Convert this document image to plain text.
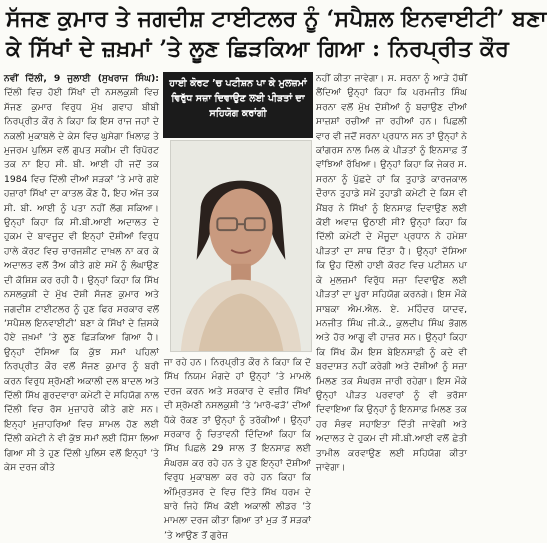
ਸੱਜਣ ਕੁਮਾਰ ਤੇ ਜਗਦੀਸ਼ ਟਾਈਟਲਰ ਨੂੰ ‘ਸਪੈਸ਼ਲ ਇਨਵਾਈਟੀ’ ਬਣਾ
ਕੇ ਸਿੱਖਾਂ ਦੇ ਜ਼ਖ਼ਮਾਂ ’ਤੇ ਲੂਣ ਛਿੜਕਿਆ ਗਿਆ : ਨਿਰਪ੍ਰੀਤ ਕੌਰ

ਨਵੀਂ ਦਿੱਲੀ, 9 ਜੁਲਾਈ (ਸੁਖਰਾਜ ਸਿੰਘ): ਦਿੱਲੀ ਵਿਚ ਹੋਈ ਸਿੱਖਾਂ ਦੀ ਨਸਲਕੁਸ਼ੀ ਵਿਚ ਸੱਜਣ ਕੁਮਾਰ ਵਿਰੁਧ ਮੁੱਖ ਗਵਾਹ ਬੀਬੀ ਨਿਰਪ੍ਰੀਤ ਕੌਰ ਨੇ ਕਿਹਾ ਕਿ ਇਸ ਰਾਜ ਜਹਾਂ ਦੇ ਨਕਲੀ ਮੁਕਾਬਲੇ ਦੇ ਕੇਸ ਵਿਚ ਘੁਸੇਗਾ ਖ਼ਿਲਾਫ਼ ਤੇ ਮੁਜਰਮ ਪੁਲਿਸ ਵਲੋਂ ਗੁਪਤ ਸਕੀਮ ਦੀ ਰਿਪੋਰਟ ਤਕ ਨਾ ਇਹ ਸੀ. ਬੀ. ਆਈ ਹੀ ਜਦੋਂ ਤਕ 1984 ਵਿਚ ਦਿੱਲੀ ਦੀਆਂ ਸੜਕਾਂ ’ਤੇ ਮਾਰੇ ਗਏ ਹਜ਼ਾਰਾਂ ਸਿੱਖਾਂ ਦਾ ਕਾਤਲ ਕੌਣ ਹੈ, ਇਹ ਅੱਜ ਤਕ ਸੀ. ਬੀ. ਆਈ ਨੂੰ ਪਤਾ ਨਹੀਂ ਲੱਗ ਸਕਿਆ। ਉਨ੍ਹਾਂ ਕਿਹਾ ਕਿ ਸੀ.ਬੀ.ਆਈ ਅਦਾਲਤ ਦੇ ਹੁਕਮ ਦੇ ਬਾਵਜੂਦ ਵੀ ਇਨ੍ਹਾਂ ਦੋਸ਼ੀਆਂ ਵਿਰੁਧ ਹਾਲੇ ਕੋਰਟ ਵਿਚ ਚਾਰਜਸ਼ੀਟ ਦਾਖ਼ਲ ਨਾ ਕਰ ਕੇ ਅਦਾਲਤ ਵਲੋਂ ਤੈਅ ਕੀਤੇ ਗਏ ਸਮੇਂ ਨੂੰ ਲੰਘਾਉਣ ਦੀ ਕੋਸ਼ਿਸ਼ ਕਰ ਰਹੀ ਹੈ। ਉਨ੍ਹਾਂ ਕਿਹਾ ਕਿ ਸਿੱਖ ਨਸਲਕੁਸ਼ੀ ਦੇ ਮੁੱਖ ਦੋਸ਼ੀ ਸੱਜਣ ਕੁਮਾਰ ਅਤੇ ਜਗਦੀਸ਼ ਟਾਈਟਲਰ ਨੂੰ ਹੁਣ ਫਿਰ ਸਰਕਾਰ ਵਲੋਂ ‘ਸਪੈਸ਼ਲ ਇਨਵਾਈਟੀ’ ਬਣਾ ਕੇ ਸਿੱਖਾਂ ਦੇ ਜ਼ਿਸਕੇ ਹੋਏ ਜ਼ਖ਼ਮਾਂ ’ਤੇ ਲੂਣ ਛਿੜਕਿਆ ਗਿਆ ਹੈ। ਉਨ੍ਹਾਂ ਦੱਸਿਆ ਕਿ ਕੁੱਝ ਸਮਾਂ ਪਹਿਲਾਂ ਨਿਰਪ੍ਰੀਤ ਕੌਰ ਵਲੋਂ ਸੱਜਣ ਕੁਮਾਰ ਨੂੰ ਬਰੀ ਕਰਨ ਵਿਰੁਧ ਸ਼੍ਰੋਮਣੀ ਅਕਾਲੀ ਦਲ ਬਾਦਲ ਅਤੇ ਦਿੱਲੀ ਸਿੱਖ ਗੁਰਦਵਾਰਾ ਕਮੇਟੀ ਦੇ ਸਹਿਯੋਗ ਨਾਲ ਦਿੱਲੀ ਵਿਚ ਰੋਸ ਮੁਜ਼ਾਹਰੇ ਕੀਤੇ ਗਏ ਸਨ। ਇਨ੍ਹਾਂ ਮੁਜ਼ਾਹਰਿਆਂ ਵਿਚ ਸ਼ਾਮਲ ਹੋਣ ਲਈ ਦਿੱਲੀ ਕਮੇਟੀ ਨੇ ਵੀ ਕੁੱਝ ਸਮਾਂ ਲਈ ਹਿੱਸਾ ਲਿਆ ਗਿਆ ਸੀ ਤੇ ਹੁਣ ਦਿੱਲੀ ਪੁਲਿਸ ਵਲੋਂ ਇਨ੍ਹਾਂ ’ਤੇ ਕੇਸ ਦਰਜ ਕੀਤੇ

ਹਾਈ ਕੋਰਟ ’ਚ ਪਟੀਸ਼ਨ ਪਾ ਕੇ ਮੁਲਜ਼ਮਾਂ ਵਿਰੁੱਧ ਸਜ਼ਾ ਦਿਵਾਉਣ ਲਈ ਪੀੜਤਾਂ ਦਾ ਸਹਿਯੋਗ ਕਰਾਂਗੀ

ਜਾ ਰਹੇ ਹਨ। ਨਿਰਪ੍ਰੀਤ ਕੌਰ ਨੇ ਕਿਹਾ ਕਿ ਦੋ ਸਿੱਖ ਨਿਯਮ ਮੰਗਦੇ ਹਾਂ ਉਨ੍ਹਾਂ ’ਤੇ ਮਾਮਲੇ ਦਰਜ ਕਰਨ ਅਤੇ ਸਰਕਾਰ ਦੇ ਵਜ਼ੀਰ ਸਿੱਖਾਂ ਦੀ ਸ਼੍ਰੋਮਣੀ ਨਸਲਕੁਸ਼ੀ ’ਤੇ ‘ਮਾਰੋ-ਫੜੋ’ ਦੀਆਂ ਧੱਕੇ ਰੋਕਣ ਤਾਂ ਉਨ੍ਹਾਂ ਨੂੰ ਤਰੱਕੀਆਂ। ਉਨ੍ਹਾਂ ਸਰਕਾਰ ਨੂੰ ਚਿਤਾਵਨੀ ਦਿੰਦਿਆਂ ਕਿਹਾ ਕਿ ਸਿੱਖ ਪਿਛਲੇ 29 ਸਾਲ ਤੋਂ ਇਨਸਾਫ਼ ਲਈ ਸੰਘਰਸ਼ ਕਰ ਰਹੇ ਹਨ ਤੇ ਹੁਣ ਇਨ੍ਹਾਂ ਦੋਸ਼ੀਆਂ ਵਿਰੁਧ ਮੁਕਾਬਲਾ ਕਰ ਰਹੇ ਹਨ ਕਿਹਾ ਕਿ ਅੰਮ੍ਰਿਤਸਰ ਦੇ ਵਿਚ ਦਿੱਤੇ ਸਿੱਖ ਧਰਮ ਦੇ ਬਾਰੇ ਜਿਹੇ ਸਿੱਖ ਕੋਈ ਅਕਾਲੀ ਲੀਡਰ ’ਤੇ ਮਾਮਲਾ ਦਰਜ ਕੀਤਾ ਗਿਆ ਤਾਂ ਮੁੜ ਤੋਂ ਸੜਕਾਂ ’ਤੇ ਆਉਣ ਤੋਂ ਗੁਰੇਜ਼

ਨਹੀਂ ਕੀਤਾ ਜਾਵੇਗਾ। ਸ. ਸਰਨਾ ਨੂੰ ਆੜੇ ਹੱਥੀਂ ਲੈਂਦਿਆਂ ਉਨ੍ਹਾਂ ਕਿਹਾ ਕਿ ਪਰਮਜੀਤ ਸਿੰਘ ਸਰਨਾ ਵਲੋਂ ਮੁੱਖ ਦੋਸ਼ੀਆਂ ਨੂੰ ਬਚਾਉਣ ਦੀਆਂ ਸਾਜ਼ਸ਼ਾਂ ਰਚੀਆਂ ਜਾ ਰਹੀਆਂ ਹਨ। ਪਿਛਲੀ ਵਾਰ ਵੀ ਜਦੋਂ ਸਰਨਾ ਪ੍ਰਧਾਨ ਸਨ ਤਾਂ ਉਨ੍ਹਾਂ ਨੇ ਕਾਂਗਰਸ ਨਾਲ ਮਿਲ ਕੇ ਪੀੜਤਾਂ ਨੂੰ ਇਨਸਾਫ਼ ਤੋਂ ਵਾਂਝਿਆਂ ਰੱਖਿਆ। ਉਨ੍ਹਾਂ ਕਿਹਾ ਕਿ ਜੇਕਰ ਸ. ਸਰਨਾ ਨੂੰ ਪੁੱਛਦੇ ਹਾਂ ਕਿ ਤੁਹਾਡੇ ਕਾਰਜਕਾਲ ਦੌਰਾਨ ਤੁਹਾਡੇ ਸਮੇਂ ਤੁਹਾਡੀ ਕਮੇਟੀ ਦੇ ਕਿਸ ਵੀ ਮੈਂਬਰ ਨੇ ਸਿੱਖਾਂ ਨੂੰ ਇਨਸਾਫ਼ ਦਿਵਾਉਣ ਲਈ ਕੋਈ ਅਵਾਜ਼ ਉਠਾਈ ਸੀ? ਉਨ੍ਹਾਂ ਕਿਹਾ ਕਿ ਦਿੱਲੀ ਕਮੇਟੀ ਦੇ ਮੌਜੂਦਾ ਪ੍ਰਧਾਨ ਨੇ ਹਮੇਸ਼ਾ ਪੀੜਤਾਂ ਦਾ ਸਾਥ ਦਿੱਤਾ ਹੈ। ਉਨ੍ਹਾਂ ਦੱਸਿਆ ਕਿ ਉਹ ਦਿੱਲੀ ਹਾਈ ਕੋਰਟ ਵਿਚ ਪਟੀਸ਼ਨ ਪਾ ਕੇ ਮੁਲਜ਼ਮਾਂ ਵਿਰੁੱਧ ਸਜ਼ਾ ਦਿਵਾਉਣ ਲਈ ਪੀੜਤਾਂ ਦਾ ਪੂਰਾ ਸਹਿਯੋਗ ਕਰਨਗੇ। ਇਸ ਮੌਕੇ ਸਾਬਕਾ ਐਮ.ਐਲ. ਏ. ਮਹਿੰਦਰ ਯਾਦਵ, ਮਨਜੀਤ ਸਿੰਘ ਜੀ.ਕੇ., ਕੁਲਦੀਪ ਸਿੰਘ ਭੋਗਲ ਅਤੇ ਹੋਰ ਆਗੂ ਵੀ ਹਾਜ਼ਰ ਸਨ। ਉਨ੍ਹਾਂ ਕਿਹਾ ਕਿ ਸਿੱਖ ਕੌਮ ਇਸ ਬੇਇਨਸਾਫ਼ੀ ਨੂੰ ਕਦੇ ਵੀ ਬਰਦਾਸ਼ਤ ਨਹੀਂ ਕਰੇਗੀ ਅਤੇ ਦੋਸ਼ੀਆਂ ਨੂੰ ਸਜ਼ਾ ਮਿਲਣ ਤਕ ਸੰਘਰਸ਼ ਜਾਰੀ ਰਹੇਗਾ। ਇਸ ਮੌਕੇ ਉਨ੍ਹਾਂ ਪੀੜਤ ਪਰਵਾਰਾਂ ਨੂੰ ਵੀ ਭਰੋਸਾ ਦਿਵਾਇਆ ਕਿ ਉਨ੍ਹਾਂ ਨੂੰ ਇਨਸਾਫ਼ ਮਿਲਣ ਤਕ ਹਰ ਸੰਭਵ ਸਹਾਇਤਾ ਦਿੱਤੀ ਜਾਵੇਗੀ ਅਤੇ ਅਦਾਲਤ ਦੇ ਹੁਕਮ ਦੀ ਸੀ.ਬੀ.ਆਈ ਵਲੋਂ ਛੇਤੀ ਤਾਮੀਲ ਕਰਵਾਉਣ ਲਈ ਸਹਿਯੋਗ ਕੀਤਾ ਜਾਵੇਗਾ।
